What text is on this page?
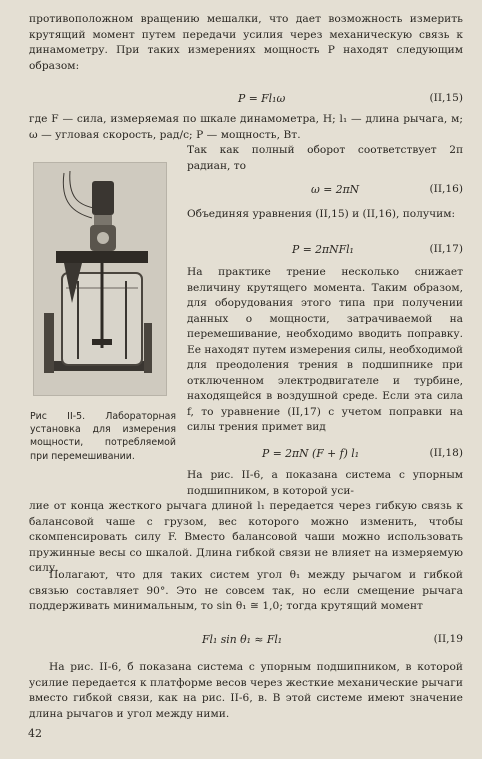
противоположном вращению мешалки, что дает возможность измерить крутящий момент путем передачи усилия через механическую связь к динамометру. При таких измерениях мощность P находят следующим образом:

P = Fl₁ω	(II,15)

где F — сила, измеряемая по шкале динамометра, Н; l₁ — длина рычага, м; ω — угловая скорость, рад/с; P — мощность, Вт.

Так как полный оборот соответствует 2π радиан, то

ω = 2πN	(II,16)

Объединяя уравнения (II,15) и (II,16), получим:

P = 2πNFl₁	(II,17)

На практике трение несколько снижает величину крутящего момента. Таким образом, для оборудования этого типа при получении данных о мощности, затрачиваемой на перемешивание, необходимо вводить поправку. Ее находят путем измерения силы, необходимой для преодоления трения в подшипнике при отключенном электродвигателе и турбине, находящейся в воздушной среде. Если эта сила f, то уравнение (II,17) с учетом поправки на силы трения примет вид

Рис II-5. Лабораторная установка для измерения мощности, потребляемой при перемешивании.	P = 2πN (F + f) l₁	(II,18)

На рис. II-6, а показана система с упорным подшипником, в которой уси-

лие от конца жесткого рычага длиной l₁ передается через гибкую связь к балансовой чаше с грузом, вес которого можно изменить, чтобы скомпенсировать силу F. Вместо балансовой чаши можно использовать пружинные весы со шкалой. Длина гибкой связи не влияет на измеряемую силу.

Полагают, что для таких систем угол θ₁ между рычагом и гибкой связью составляет 90°. Это не совсем так, но если смещение рычага поддерживать минимальным, то sin θ₁ ≅ 1,0; тогда крутящий момент

Fl₁ sin θ₁ ≈ Fl₁	(II,19

На рис. II-6, б показана система с упорным подшипником, в которой усилие передается к платформе весов через жесткие механические рычаги вместо гибкой связи, как на рис. II-6, в. В этой системе имеют значение длина рычагов и угол между ними.

42
